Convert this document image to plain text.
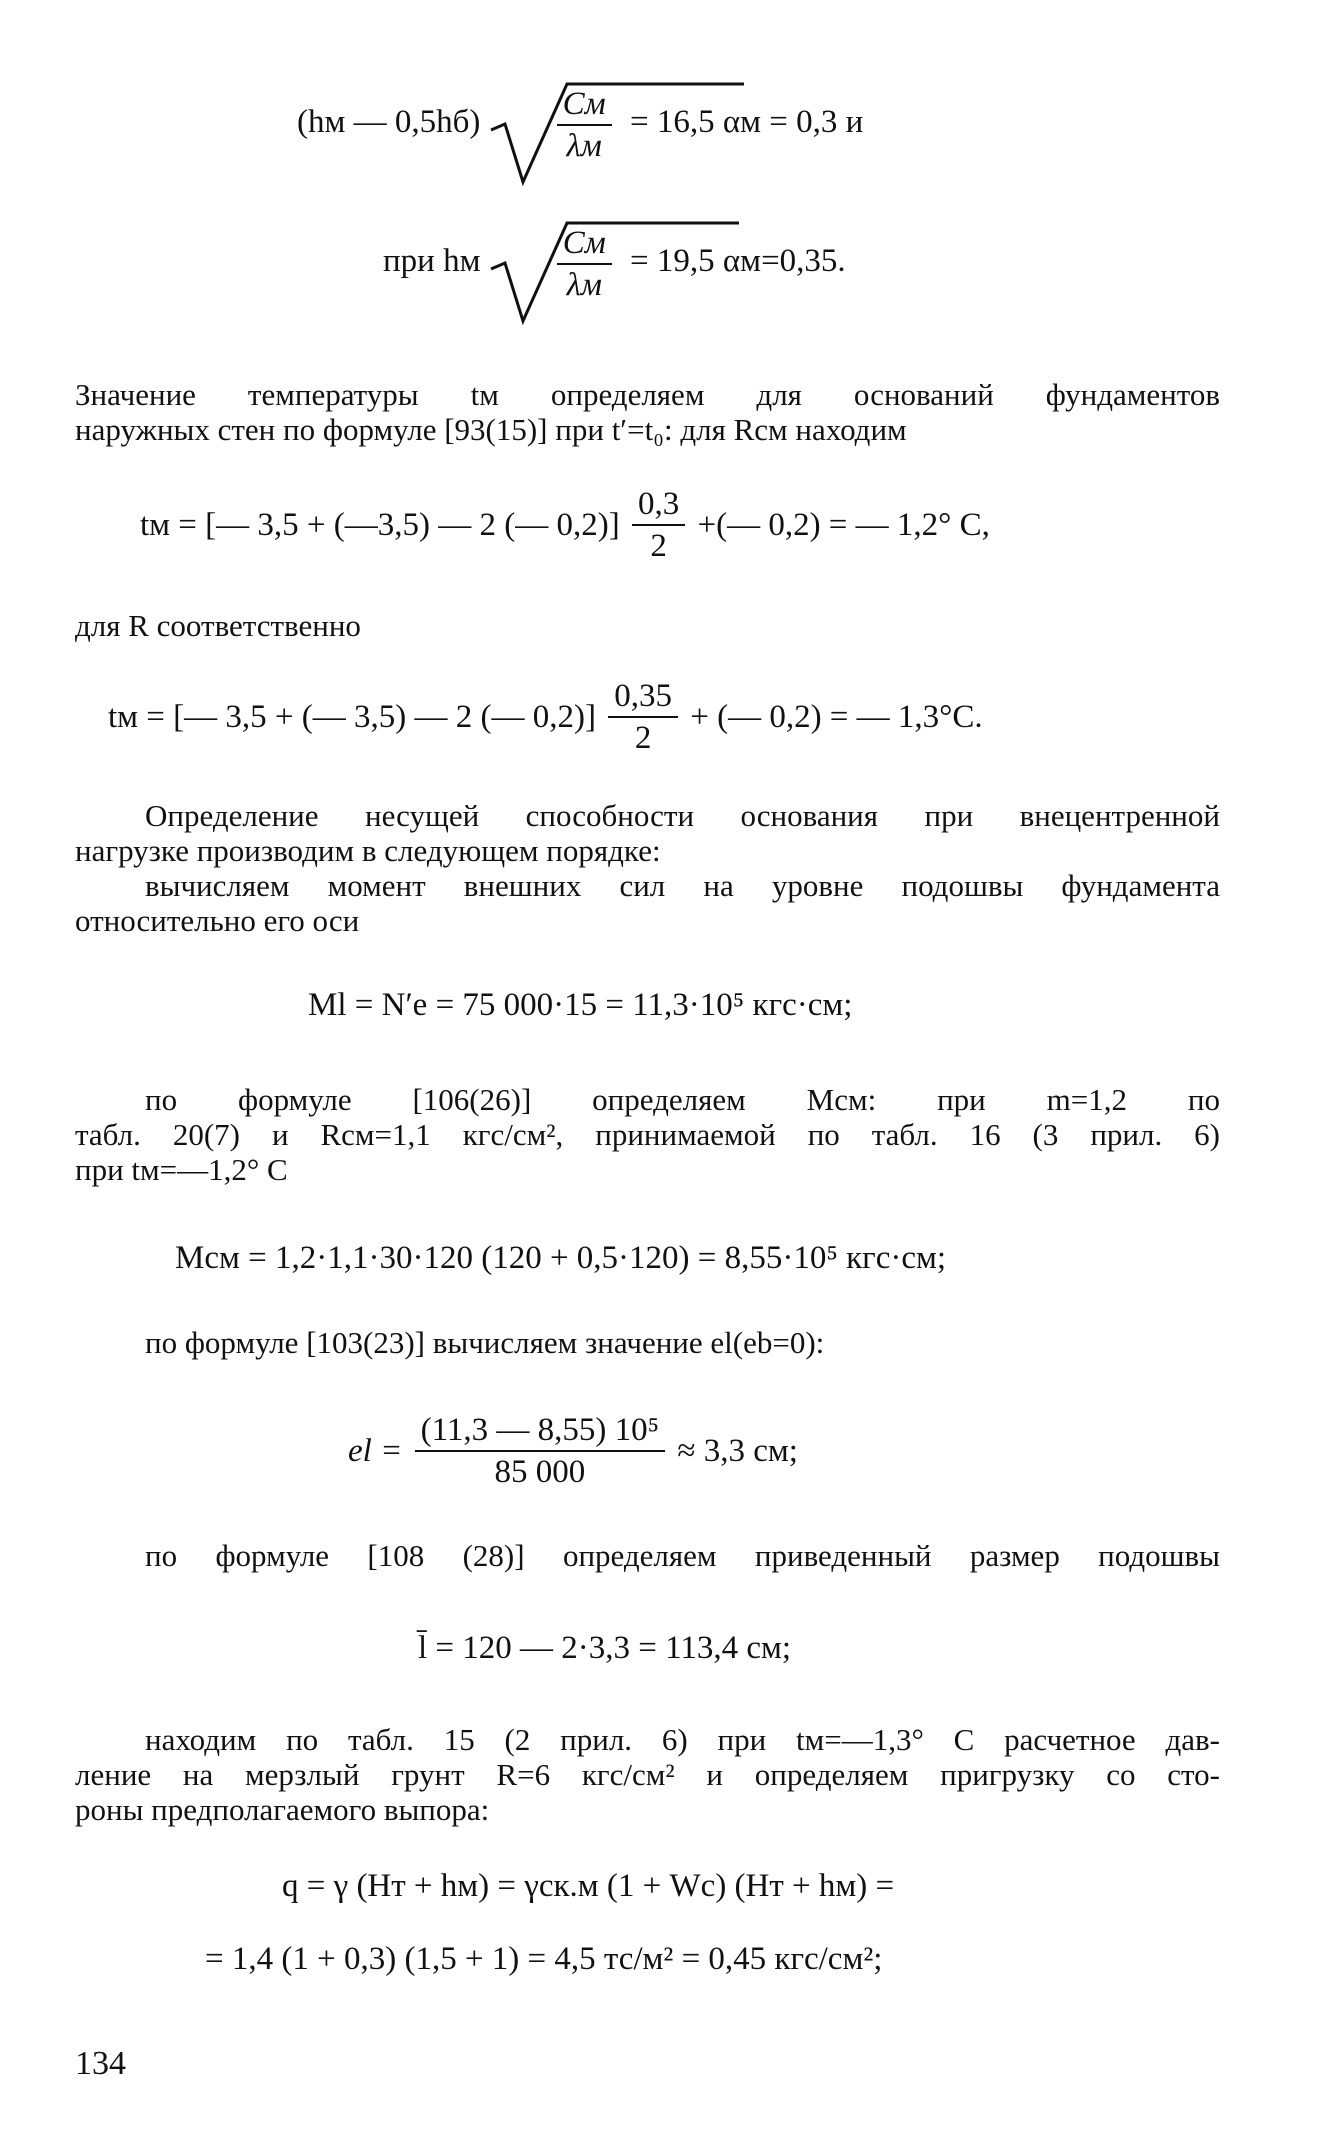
(hм — $0,5hб) \frac{Cм}{\lambda м} = 16,5$ αм = 0,3 и
при hм $\frac{Cм}{\lambda м} = 19,5$ αм=0,35.
Значение температуры tм определяем для оснований фундаментов
наружных стен по формуле [93(15)] при t′=t₀: для Rсм находим
tм = [— 3,5 + (—3,5) — 2 (— $0,2)] \frac{0,3}{2}$ +(— 0,2) = — 1,2° C,
для R соответственно
tм = [— 3,5 + (— 3,5) — 2 (— $0,2)] \frac{0,35}{2}$ + (— 0,2) = — 1,3°C.
Определение несущей способности основания при внецентренной
нагрузке производим в следующем порядке:
вычисляем момент внешних сил на уровне подошвы фундамента
относительно его оси
Ml = N′e = 75 000·15 = 11,3·10⁵ кгс·см;
по формуле [106(26)] определяем Mсм: при m=1,2 по
табл. 20(7) и Rсм=1,1 кгс/см², принимаемой по табл. 16 (3 прил. 6)
при tм=—1,2° C
Mсм = 1,2·1,1·30·120 (120 + 0,5·120) = 8,55·10⁵ кгс·см;
по формуле [103(23)] вычисляем значение el(eb=0):
el = $\frac{\text{(11,3 — 8,55) 10⁵}}{85 000} \approx 3,3$ см;
по формуле [108 (28)] определяем приведенный размер подошвы
l̄ = 120 — 2·3,3 = 113,4 см;
находим по табл. 15 (2 прил. 6) при tм=—1,3° C расчетное дав-
ление на мерзлый грунт R=6 кгс/см² и определяем пригрузку со сто-
роны предполагаемого выпора:
q = γ (Hт + hм) = γск.м (1 + Wc) (Hт + hм) =
= 1,4 (1 + 0,3) (1,5 + 1) = 4,5 тс/м² = 0,45 кгс/см²;
134
